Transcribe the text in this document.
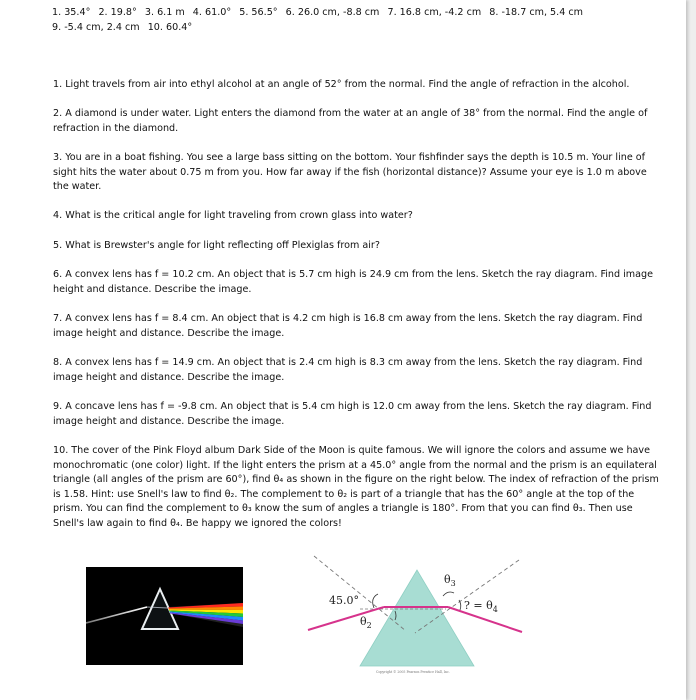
1. 35.4° 2. 19.8° 3. 6.1 m 4. 61.0° 5. 56.5° 6. 26.0 cm, -8.8 cm 7. 16.8 cm, -4.2 cm 8. -18.7 cm, 5.4 cm
9. -5.4 cm, 2.4 cm 10. 60.4°
1. Light travels from air into ethyl alcohol at an angle of 52° from the normal. Find the angle of refraction in the alcohol.
2. A diamond is under water. Light enters the diamond from the water at an angle of 38° from the normal. Find the angle of refraction in the diamond.
3. You are in a boat fishing. You see a large bass sitting on the bottom. Your fishfinder says the depth is 10.5 m. Your line of sight hits the water about 0.75 m from you. How far away if the fish (horizontal distance)? Assume your eye is 1.0 m above the water.
4. What is the critical angle for light traveling from crown glass into water?
5. What is Brewster's angle for light reflecting off Plexiglas from air?
6. A convex lens has f = 10.2 cm. An object that is 5.7 cm high is 24.9 cm from the lens. Sketch the ray diagram. Find image height and distance. Describe the image.
7. A convex lens has f = 8.4 cm. An object that is 4.2 cm high is 16.8 cm away from the lens. Sketch the ray diagram. Find image height and distance. Describe the image.
8. A convex lens has f = 14.9 cm. An object that is 2.4 cm high is 8.3 cm away from the lens. Sketch the ray diagram. Find image height and distance. Describe the image.
9. A concave lens has f = -9.8 cm. An object that is 5.4 cm high is 12.0 cm away from the lens. Sketch the ray diagram. Find image height and distance. Describe the image.
10. The cover of the Pink Floyd album Dark Side of the Moon is quite famous. We will ignore the colors and assume we have monochromatic (one color) light. If the light enters the prism at a 45.0° angle from the normal and the prism is an equilateral triangle (all angles of the prism are 60°), find θ₄ as shown in the figure on the right below. The index of refraction of the prism is 1.58. Hint: use Snell's law to find θ₂. The complement to θ₂ is part of a triangle that has the 60° angle at the top of the prism. You can find the complement to θ₃ know the sum of angles a triangle is 180°. From that you can find θ₃. Then use Snell's law again to find θ₄. Be happy we ignored the colors!
45.0°
$\theta_2$
$\theta_3$
? = $\theta_4$
Copyright © 2005 Pearson Prentice Hall, Inc.
